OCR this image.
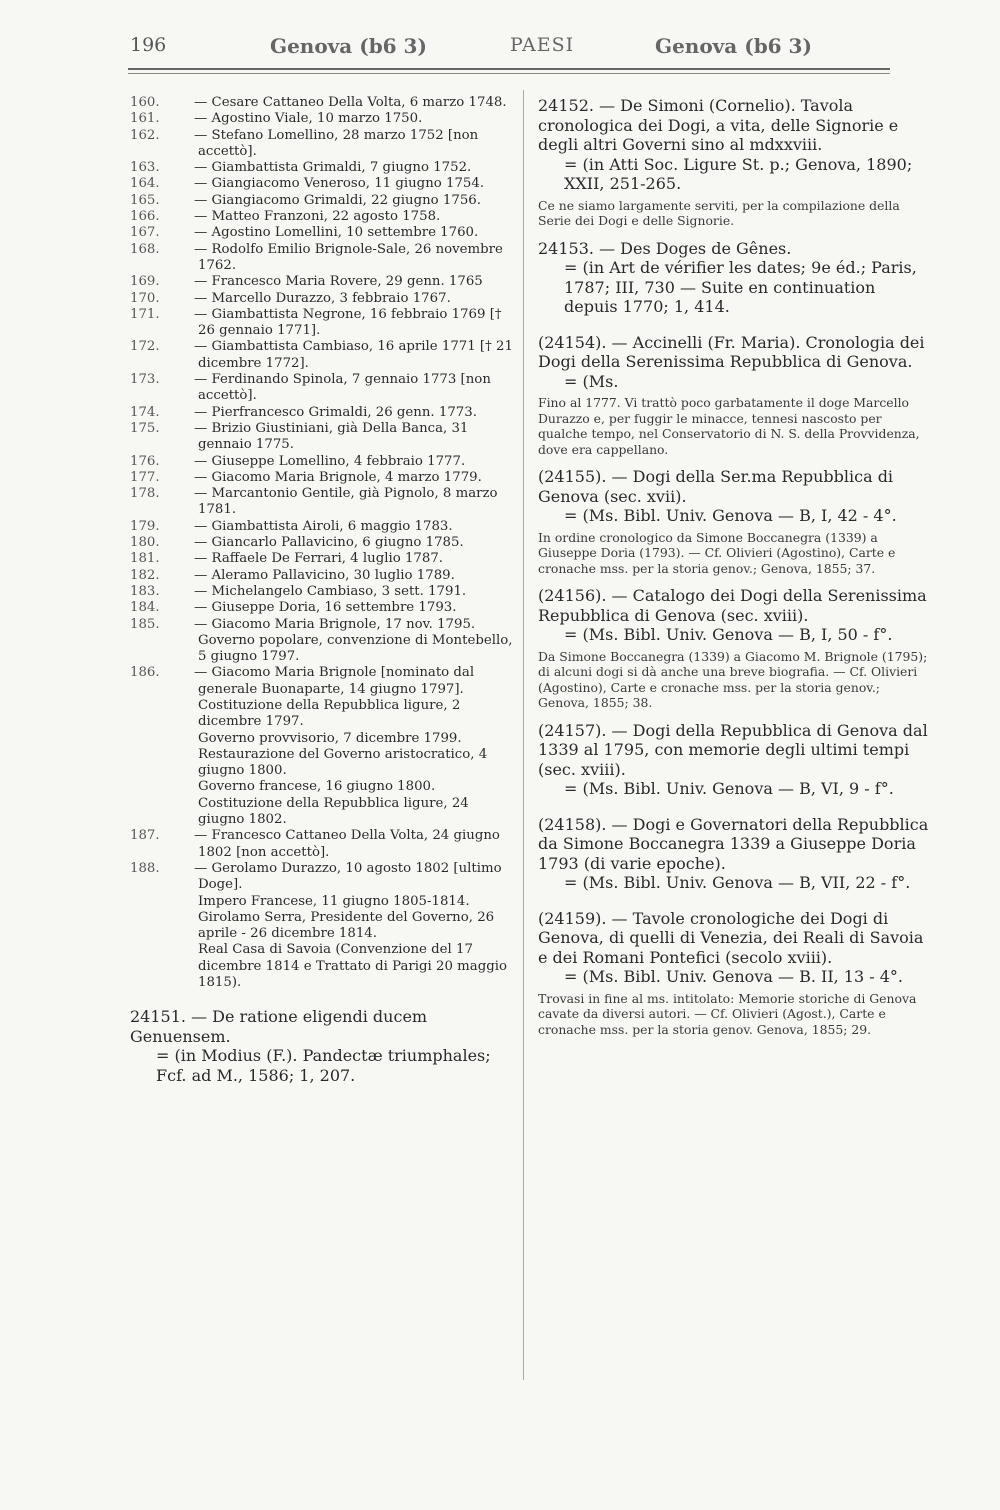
196	Genova (b6 3)	PAESI	Genova (b6 3)

160.	— Cesare Cattaneo Della Volta, 6 marzo 1748.

161.	— Agostino Viale, 10 marzo 1750.

162.	— Stefano Lomellino, 28 marzo 1752 [non accettò].

163.	— Giambattista Grimaldi, 7 giugno 1752.

164.	— Giangiacomo Veneroso, 11 giugno 1754.

165.	— Giangiacomo Grimaldi, 22 giugno 1756.

166.	— Matteo Franzoni, 22 agosto 1758.

167.	— Agostino Lomellini, 10 settembre 1760.

168.	— Rodolfo Emilio Brignole-Sale, 26 novembre 1762.

169.	— Francesco Maria Rovere, 29 genn. 1765

170.	— Marcello Durazzo, 3 febbraio 1767.

171.	— Giambattista Negrone, 16 febbraio 1769 [† 26 gennaio 1771].

172.	— Giambattista Cambiaso, 16 aprile 1771 [† 21 dicembre 1772].

173.	— Ferdinando Spinola, 7 gennaio 1773 [non accettò].

174.	— Pierfrancesco Grimaldi, 26 genn. 1773.

175.	— Brizio Giustiniani, già Della Banca, 31 gennaio 1775.

176.	— Giuseppe Lomellino, 4 febbraio 1777.

177.	— Giacomo Maria Brignole, 4 marzo 1779.

178.	— Marcantonio Gentile, già Pignolo, 8 marzo 1781.

179.	— Giambattista Airoli, 6 maggio 1783.

180.	— Giancarlo Pallavicino, 6 giugno 1785.

181.	— Raffaele De Ferrari, 4 luglio 1787.

182.	— Aleramo Pallavicino, 30 luglio 1789.

183.	— Michelangelo Cambiaso, 3 sett. 1791.

184.	— Giuseppe Doria, 16 settembre 1793.

185.	— Giacomo Maria Brignole, 17 nov. 1795.

Governo popolare, convenzione di Montebello, 5 giugno 1797.

186.	— Giacomo Maria Brignole [nominato dal generale Buonaparte, 14 giugno 1797].

Costituzione della Repubblica ligure, 2 dicembre 1797.

Governo provvisorio, 7 dicembre 1799.

Restaurazione del Governo aristocratico, 4 giugno 1800.

Governo francese, 16 giugno 1800.

Costituzione della Repubblica ligure, 24 giugno 1802.

187.	— Francesco Cattaneo Della Volta, 24 giugno 1802 [non accettò].

188.	— Gerolamo Durazzo, 10 agosto 1802 [ultimo Doge].

Impero Francese, 11 giugno 1805-1814.

Girolamo Serra, Presidente del Governo, 26 aprile - 26 dicembre 1814.

Real Casa di Savoia (Convenzione del 17 dicembre 1814 e Trattato di Parigi 20 maggio 1815).

24151. — De ratione eligendi ducem Genuensem.
= (in Modius (F.). Pandectæ triumphales; Fcf. ad M., 1586; 1, 207.
24152. — De Simoni (Cornelio). Tavola cronologica dei Dogi, a vita, delle Signorie e degli altri Governi sino al mdxxviii.
= (in Atti Soc. Ligure St. p.; Genova, 1890; XXII, 251-265.
Ce ne siamo largamente serviti, per la compilazione della Serie dei Dogi e delle Signorie.
24153. — Des Doges de Gênes.
= (in Art de vérifier les dates; 9e éd.; Paris, 1787; III, 730 — Suite en continuation depuis 1770; 1, 414.
(24154). — Accinelli (Fr. Maria). Cronologia dei Dogi della Serenissima Repubblica di Genova.
= (Ms.
Fino al 1777. Vi trattò poco garbatamente il doge Marcello Durazzo e, per fuggir le minacce, tennesi nascosto per qualche tempo, nel Conservatorio di N. S. della Provvidenza, dove era cappellano.
(24155). — Dogi della Ser.ma Repubblica di Genova (sec. xvii).
= (Ms. Bibl. Univ. Genova — B, I, 42 - 4°.
In ordine cronologico da Simone Boccanegra (1339) a Giuseppe Doria (1793). — Cf. Olivieri (Agostino), Carte e cronache mss. per la storia genov.; Genova, 1855; 37.
(24156). — Catalogo dei Dogi della Serenissima Repubblica di Genova (sec. xviii).
= (Ms. Bibl. Univ. Genova — B, I, 50 - f°.
Da Simone Boccanegra (1339) a Giacomo M. Brignole (1795); di alcuni dogi si dà anche una breve biografia. — Cf. Olivieri (Agostino), Carte e cronache mss. per la storia genov.; Genova, 1855; 38.
(24157). — Dogi della Repubblica di Genova dal 1339 al 1795, con memorie degli ultimi tempi (sec. xviii).
= (Ms. Bibl. Univ. Genova — B, VI, 9 - f°.
(24158). — Dogi e Governatori della Repubblica da Simone Boccanegra 1339 a Giuseppe Doria 1793 (di varie epoche).
= (Ms. Bibl. Univ. Genova — B, VII, 22 - f°.
(24159). — Tavole cronologiche dei Dogi di Genova, di quelli di Venezia, dei Reali di Savoia e dei Romani Pontefici (secolo xviii).
= (Ms. Bibl. Univ. Genova — B. II, 13 - 4°.
Trovasi in fine al ms. intitolato: Memorie storiche di Genova cavate da diversi autori. — Cf. Olivieri (Agost.), Carte e cronache mss. per la storia genov. Genova, 1855; 29.
